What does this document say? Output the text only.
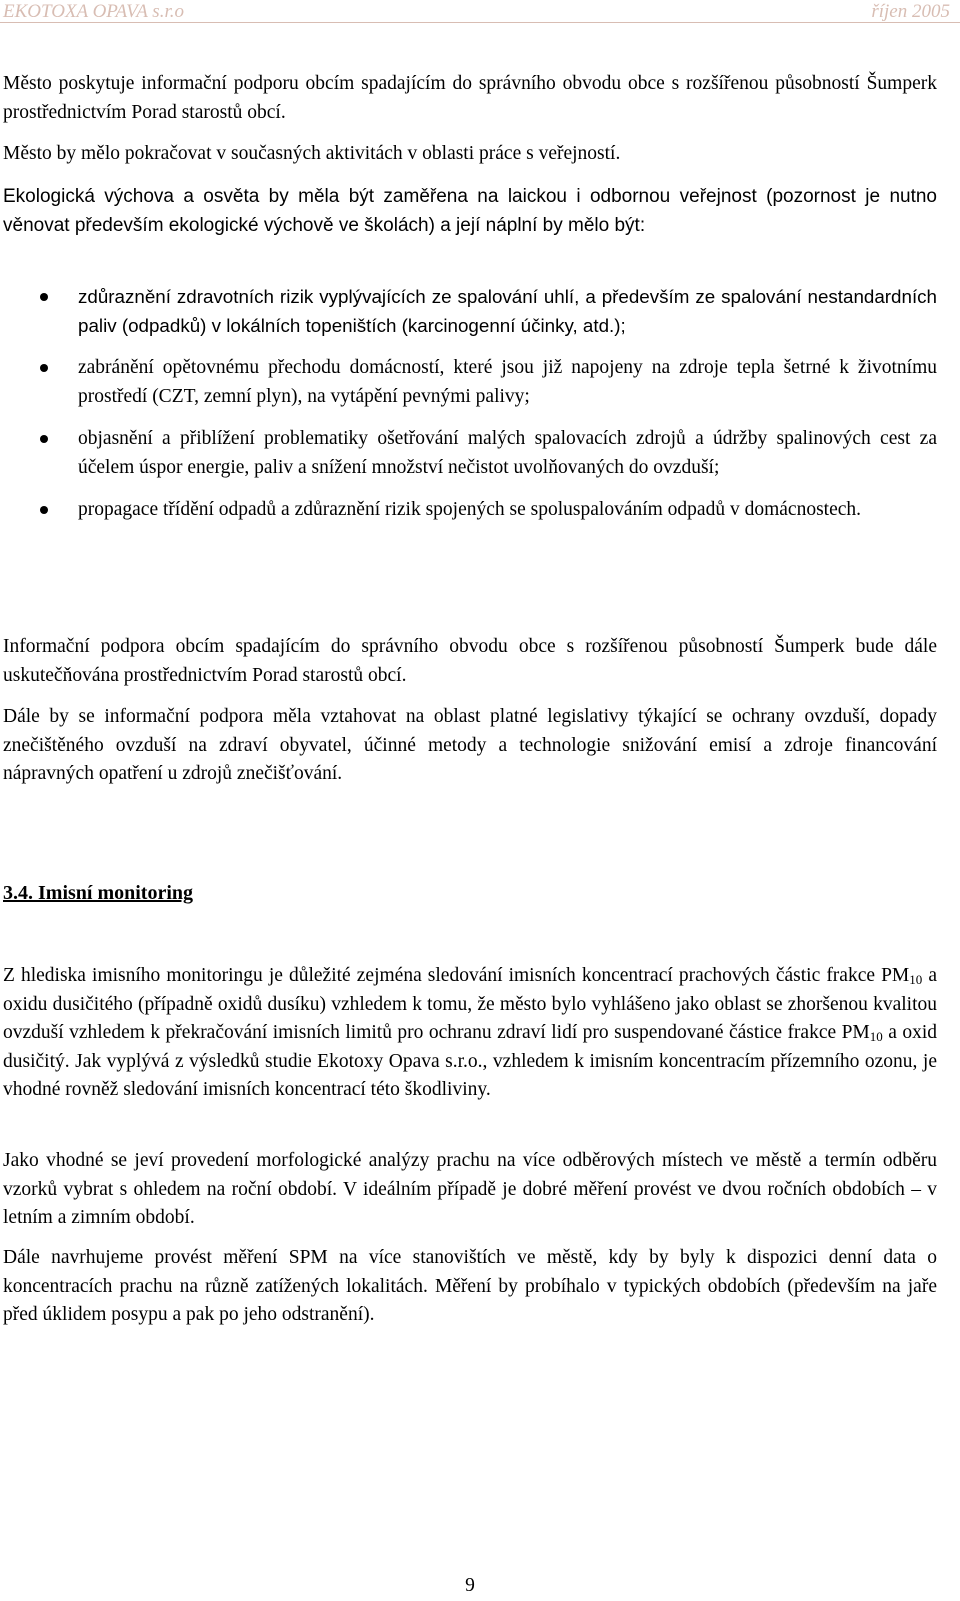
EKOTOXA OPAVA s.r.o	říjen 2005

Město poskytuje informační podporu obcím spadajícím do správního obvodu obce s rozšířenou působností Šumperk prostřednictvím Porad starostů obcí.

Město by mělo pokračovat v současných aktivitách v oblasti práce s veřejností.

Ekologická výchova a osvěta by měla být zaměřena na laickou i odbornou veřejnost (pozornost je nutno věnovat především ekologické výchově ve školách) a její náplní by mělo být:

zdůraznění zdravotních rizik vyplývajících ze spalování uhlí, a především ze spalování nestandardních paliv (odpadků) v lokálních topeništích (karcinogenní účinky, atd.);

zabránění opětovnému přechodu domácností, které jsou již napojeny na zdroje tepla šetrné k životnímu prostředí (CZT, zemní plyn), na vytápění pevnými palivy;

objasnění a přiblížení problematiky ošetřování malých spalovacích zdrojů a údržby spalinových cest za účelem úspor energie, paliv a snížení množství nečistot uvolňovaných do ovzduší;

propagace třídění odpadů a zdůraznění rizik spojených se spoluspalováním odpadů v domácnostech.

Informační podpora obcím spadajícím do správního obvodu obce s rozšířenou působností Šumperk bude dále uskutečňována prostřednictvím Porad starostů obcí.

Dále by se informační podpora měla vztahovat na oblast platné legislativy týkající se ochrany ovzduší, dopady znečištěného ovzduší na zdraví obyvatel, účinné metody a technologie snižování emisí a zdroje financování nápravných opatření u zdrojů znečišťování.

3.4. Imisní monitoring

Z hlediska imisního monitoringu je důležité zejména sledování imisních koncentrací prachových částic frakce $PM_{10}$ a oxidu dusičitého (případně oxidů dusíku) vzhledem k tomu, že město bylo vyhlášeno jako oblast se zhoršenou kvalitou ovzduší vzhledem k překračování imisních limitů pro ochranu zdraví lidí pro suspendované částice frakce $PM_{10}$ a oxid dusičitý. Jak vyplývá z výsledků studie Ekotoxy Opava s.r.o., vzhledem k imisním koncentracím přízemního ozonu, je vhodné rovněž sledování imisních koncentrací této škodliviny.

Jako vhodné se jeví provedení morfologické analýzy prachu na více odběrových místech ve městě a termín odběru vzorků vybrat s ohledem na roční období. V ideálním případě je dobré měření provést ve dvou ročních obdobích – v letním a zimním období.

Dále navrhujeme provést měření SPM na více stanovištích ve městě, kdy by byly k dispozici denní data o koncentracích prachu na různě zatížených lokalitách. Měření by probíhalo v typických obdobích (především na jaře před úklidem posypu a pak po jeho odstranění).

9
